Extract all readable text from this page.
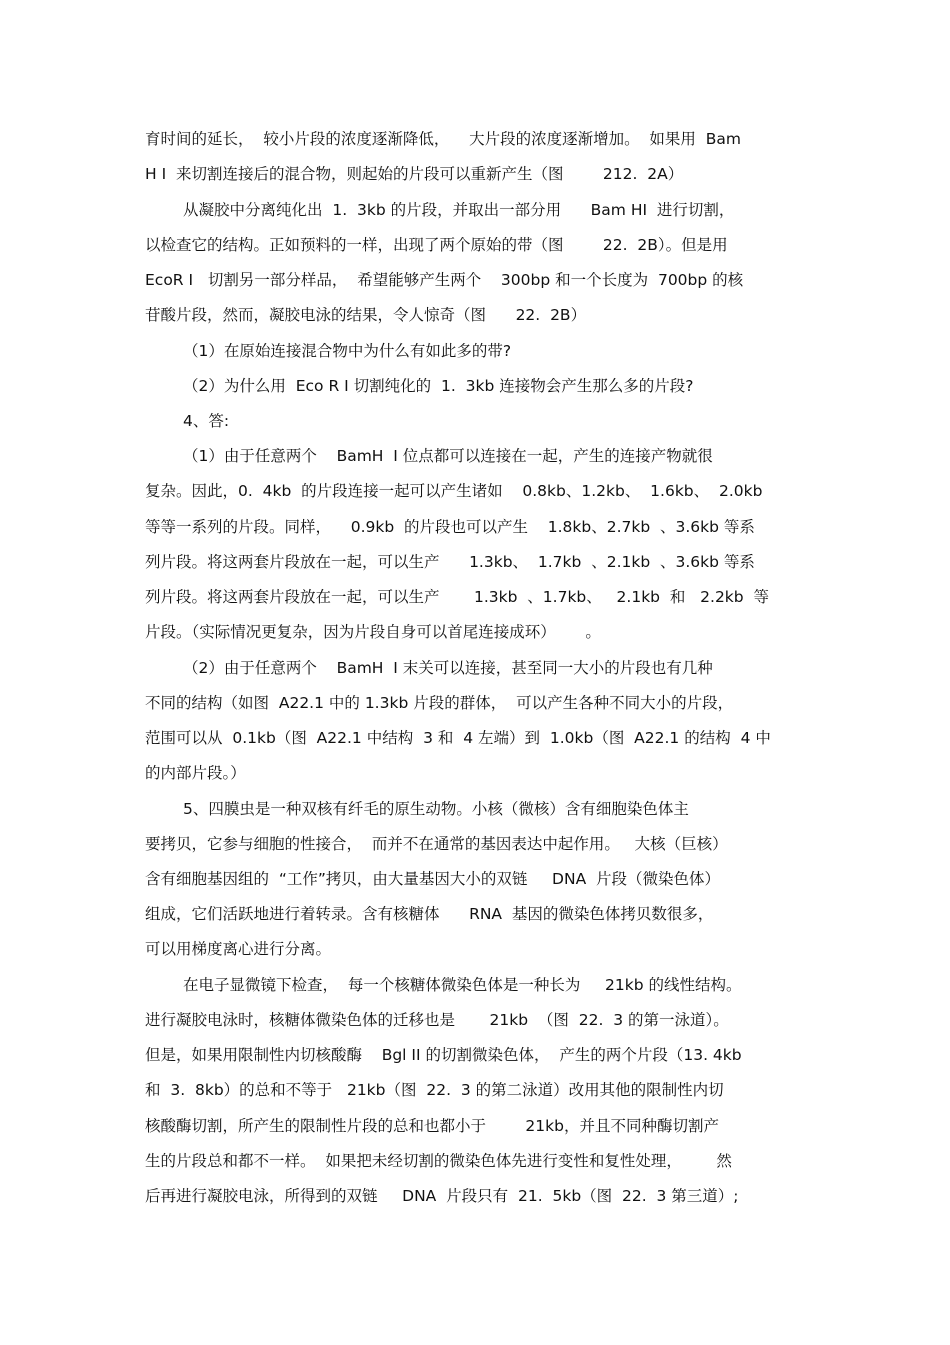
育时间的延长，  较小片段的浓度逐渐降低，    大片段的浓度逐渐增加。  如果用  Bam
H I  来切割连接后的混合物，则起始的片段可以重新产生（图        212.  2A）
从凝胶中分离纯化出  1.  3kb 的片段，并取出一部分用      Bam HI  进行切割，
以检查它的结构。正如预料的一样，出现了两个原始的带（图        22.  2B）。但是用
EcoR I   切割另一部分样品，  希望能够产生两个    300bp 和一个长度为  700bp 的核
苷酸片段，然而，凝胶电泳的结果，令人惊奇（图      22.  2B）
（1）在原始连接混合物中为什么有如此多的带?
（2）为什么用  Eco R I 切割纯化的  1.  3kb 连接物会产生那么多的片段?
4、答:
（1）由于任意两个    BamH  I 位点都可以连接在一起，产生的连接产物就很
复杂。因此，0.  4kb  的片段连接一起可以产生诸如    0.8kb、1.2kb、  1.6kb、  2.0kb
等等一系列的片段。同样，    0.9kb  的片段也可以产生    1.8kb、2.7kb  、3.6kb 等系
列片段。将这两套片段放在一起，可以生产      1.3kb、  1.7kb  、2.1kb  、3.6kb 等系
列片段。将这两套片段放在一起，可以生产       1.3kb  、1.7kb、   2.1kb  和   2.2kb  等
片段。（实际情况更复杂，因为片段自身可以首尾连接成环）      。
（2）由于任意两个    BamH  I 末关可以连接，甚至同一大小的片段也有几种
不同的结构（如图  A22.1 中的 1.3kb 片段的群体，  可以产生各种不同大小的片段，
范围可以从  0.1kb（图  A22.1 中结构  3 和  4 左端）到  1.0kb（图  A22.1 的结构  4 中
的内部片段。）
5、四膜虫是一种双核有纤毛的原生动物。小核（微核）含有细胞染色体主
要拷贝，它参与细胞的性接合，  而并不在通常的基因表达中起作用。   大核（巨核）
含有细胞基因组的  “工作”拷贝，由大量基因大小的双链     DNA  片段（微染色体）
组成，它们活跃地进行着转录。含有核糖体      RNA  基因的微染色体拷贝数很多，
可以用梯度离心进行分离。
在电子显微镜下检查，  每一个核糖体微染色体是一种长为     21kb 的线性结构。
进行凝胶电泳时，核糖体微染色体的迁移也是       21kb  （图  22.  3 的第一泳道）。
但是，如果用限制性内切核酸酶    Bgl II 的切割微染色体，  产生的两个片段（13. 4kb
和  3.  8kb）的总和不等于   21kb（图  22.  3 的第二泳道）改用其他的限制性内切
核酸酶切割，所产生的限制性片段的总和也都小于        21kb，并且不同种酶切割产
生的片段总和都不一样。  如果把未经切割的微染色体先进行变性和复性处理，       然
后再进行凝胶电泳，所得到的双链     DNA  片段只有  21.  5kb（图  22.  3 第三道）;
